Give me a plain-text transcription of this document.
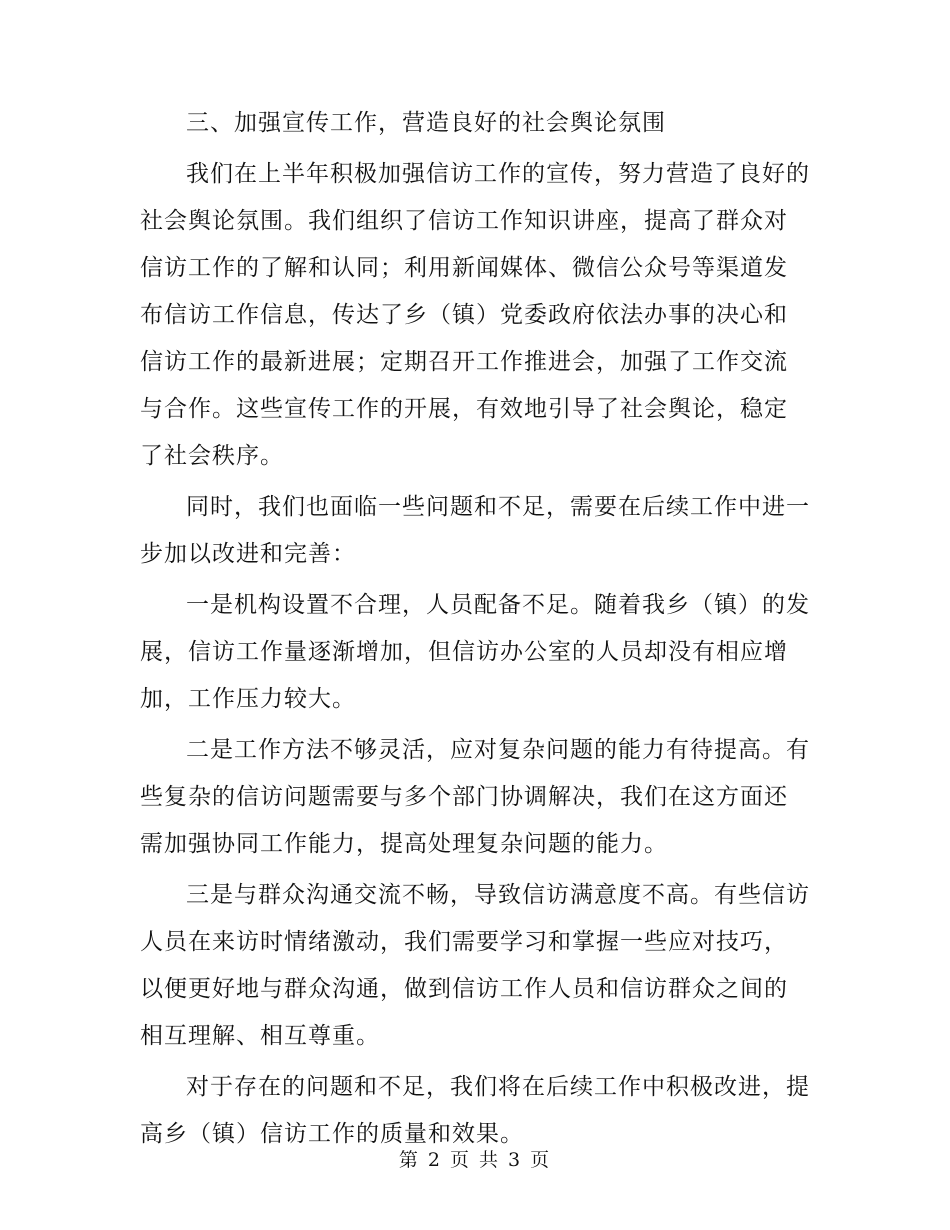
三、加强宣传工作，营造良好的社会舆论氛围

我们在上半年积极加强信访工作的宣传，努力营造了良好的社会舆论氛围。我们组织了信访工作知识讲座，提高了群众对信访工作的了解和认同；利用新闻媒体、微信公众号等渠道发布信访工作信息，传达了乡（镇）党委政府依法办事的决心和信访工作的最新进展；定期召开工作推进会，加强了工作交流与合作。这些宣传工作的开展，有效地引导了社会舆论，稳定了社会秩序。

同时，我们也面临一些问题和不足，需要在后续工作中进一步加以改进和完善：

一是机构设置不合理，人员配备不足。随着我乡（镇）的发展，信访工作量逐渐增加，但信访办公室的人员却没有相应增加，工作压力较大。

二是工作方法不够灵活，应对复杂问题的能力有待提高。有些复杂的信访问题需要与多个部门协调解决，我们在这方面还需加强协同工作能力，提高处理复杂问题的能力。

三是与群众沟通交流不畅，导致信访满意度不高。有些信访人员在来访时情绪激动，我们需要学习和掌握一些应对技巧，以便更好地与群众沟通，做到信访工作人员和信访群众之间的相互理解、相互尊重。

对于存在的问题和不足，我们将在后续工作中积极改进，提高乡（镇）信访工作的质量和效果。

第 2 页 共 3 页
